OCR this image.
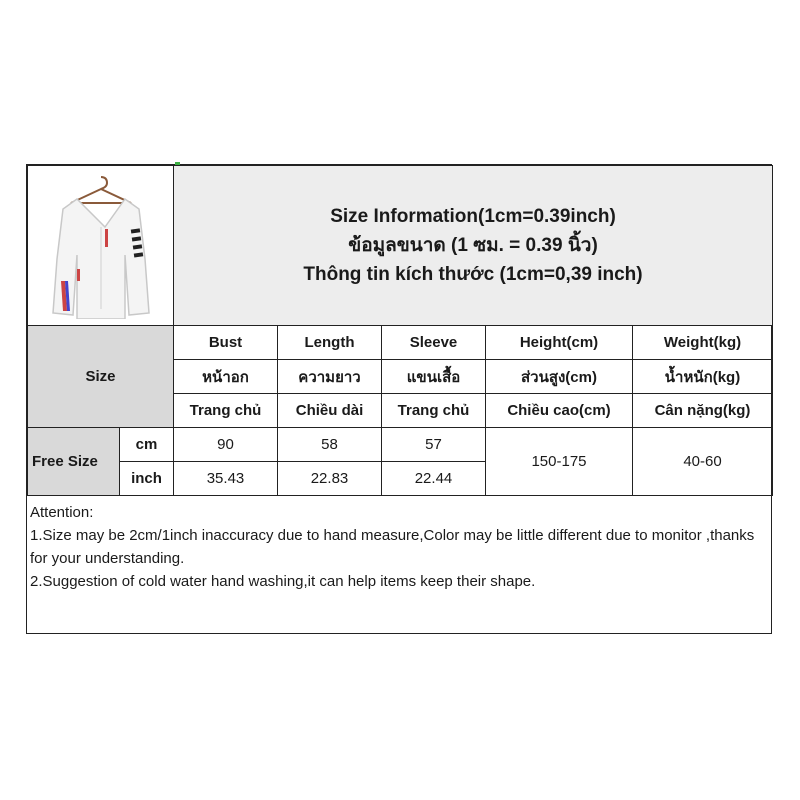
Size Information(1cm=0.39inch)
ข้อมูลขนาด (1 ซม. = 0.39 นิ้ว)
Thông tin kích thước (1cm=0,39 inch)				

Size		Bust	Length	Sleeve	Height(cm)	Weight(kg)
		หน้าอก	ความยาว	แขนเสื้อ	ส่วนสูง(cm)	น้ำหนัก(kg)
		Trang chủ	Chiều dài	Trang chủ	Chiều cao(cm)	Cân nặng(kg)
Free Size	cm	90	58	57	150-175	40-60
	inch	35.43	22.83	22.44		
Attention:
1.Size may be 2cm/1inch inaccuracy due to hand measure,Color may be little different due to monitor ,thanks for your understanding.
2.Suggestion of cold water hand washing,it can help items keep their shape.
